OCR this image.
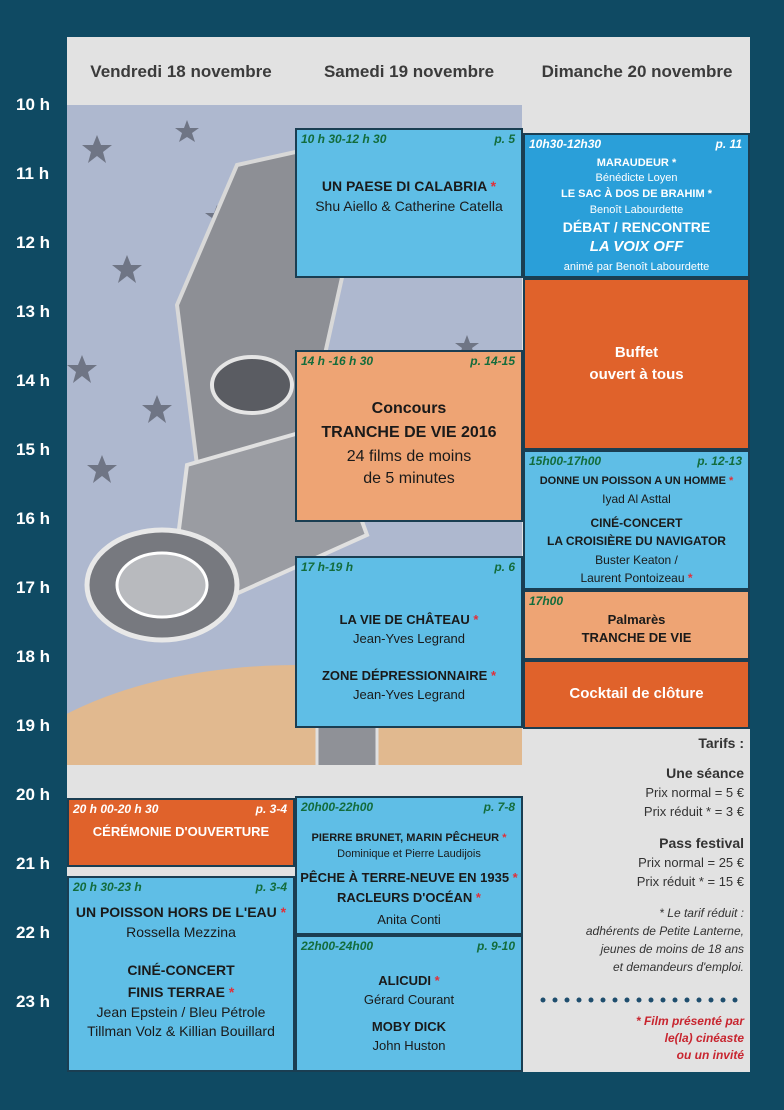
Vendredi 18 novembre	Samedi 19 novembre	Dimanche 20 novembre
10 h
11 h
12 h
13 h
14 h
15 h
16 h
17 h
18 h
19 h
20 h
21 h
22 h
23 h
20 h 00-20 h 30	p. 3-4
CÉRÉMONIE D'OUVERTURE
20 h 30-23 h	p. 3-4
UN POISSON HORS DE L'EAU *
Rossella Mezzina
CINÉ-CONCERT
FINIS TERRAE *
Jean Epstein / Bleu Pétrole
Tillman Volz & Killian Bouillard
10 h 30-12 h 30	p. 5
UN PAESE DI CALABRIA *
Shu Aiello & Catherine Catella
14 h -16 h 30	p. 14-15
Concours
TRANCHE DE VIE 2016
24 films de moins
de 5 minutes
17 h-19 h	p. 6
LA VIE DE CHÂTEAU *
Jean-Yves Legrand
ZONE DÉPRESSIONNAIRE *
Jean-Yves Legrand
20h00-22h00	p. 7-8
PIERRE BRUNET, MARIN PÊCHEUR *
Dominique et Pierre Laudijois
PÊCHE À TERRE-NEUVE EN 1935 *
RACLEURS D'OCÉAN *
Anita Conti
22h00-24h00	p. 9-10
ALICUDI *
Gérard Courant
MOBY DICK
John Huston
10h30-12h30	p. 11
MARAUDEUR *
Bénédicte Loyen
LE SAC À DOS DE BRAHIM *
Benoît Labourdette
DÉBAT / RENCONTRE
LA VOIX OFF
animé par Benoît Labourdette
Buffet
ouvert à tous
15h00-17h00	p. 12-13
DONNE UN POISSON A UN HOMME *
Iyad Al Asttal
CINÉ-CONCERT
LA CROISIÈRE DU NAVIGATOR
Buster Keaton /
Laurent Pontoizeau *
17h00
Palmarès
TRANCHE DE VIE
Cocktail de clôture
Tarifs :
Une séance
Prix normal = 5 €
Prix réduit * = 3 €
Pass festival
Prix normal = 25 €
Prix réduit * = 15 €
* Le tarif réduit :
adhérents de Petite Lanterne,
jeunes de moins de 18 ans
et demandeurs d'emploi.
* Film présenté par
le(la) cinéaste
ou un invité
